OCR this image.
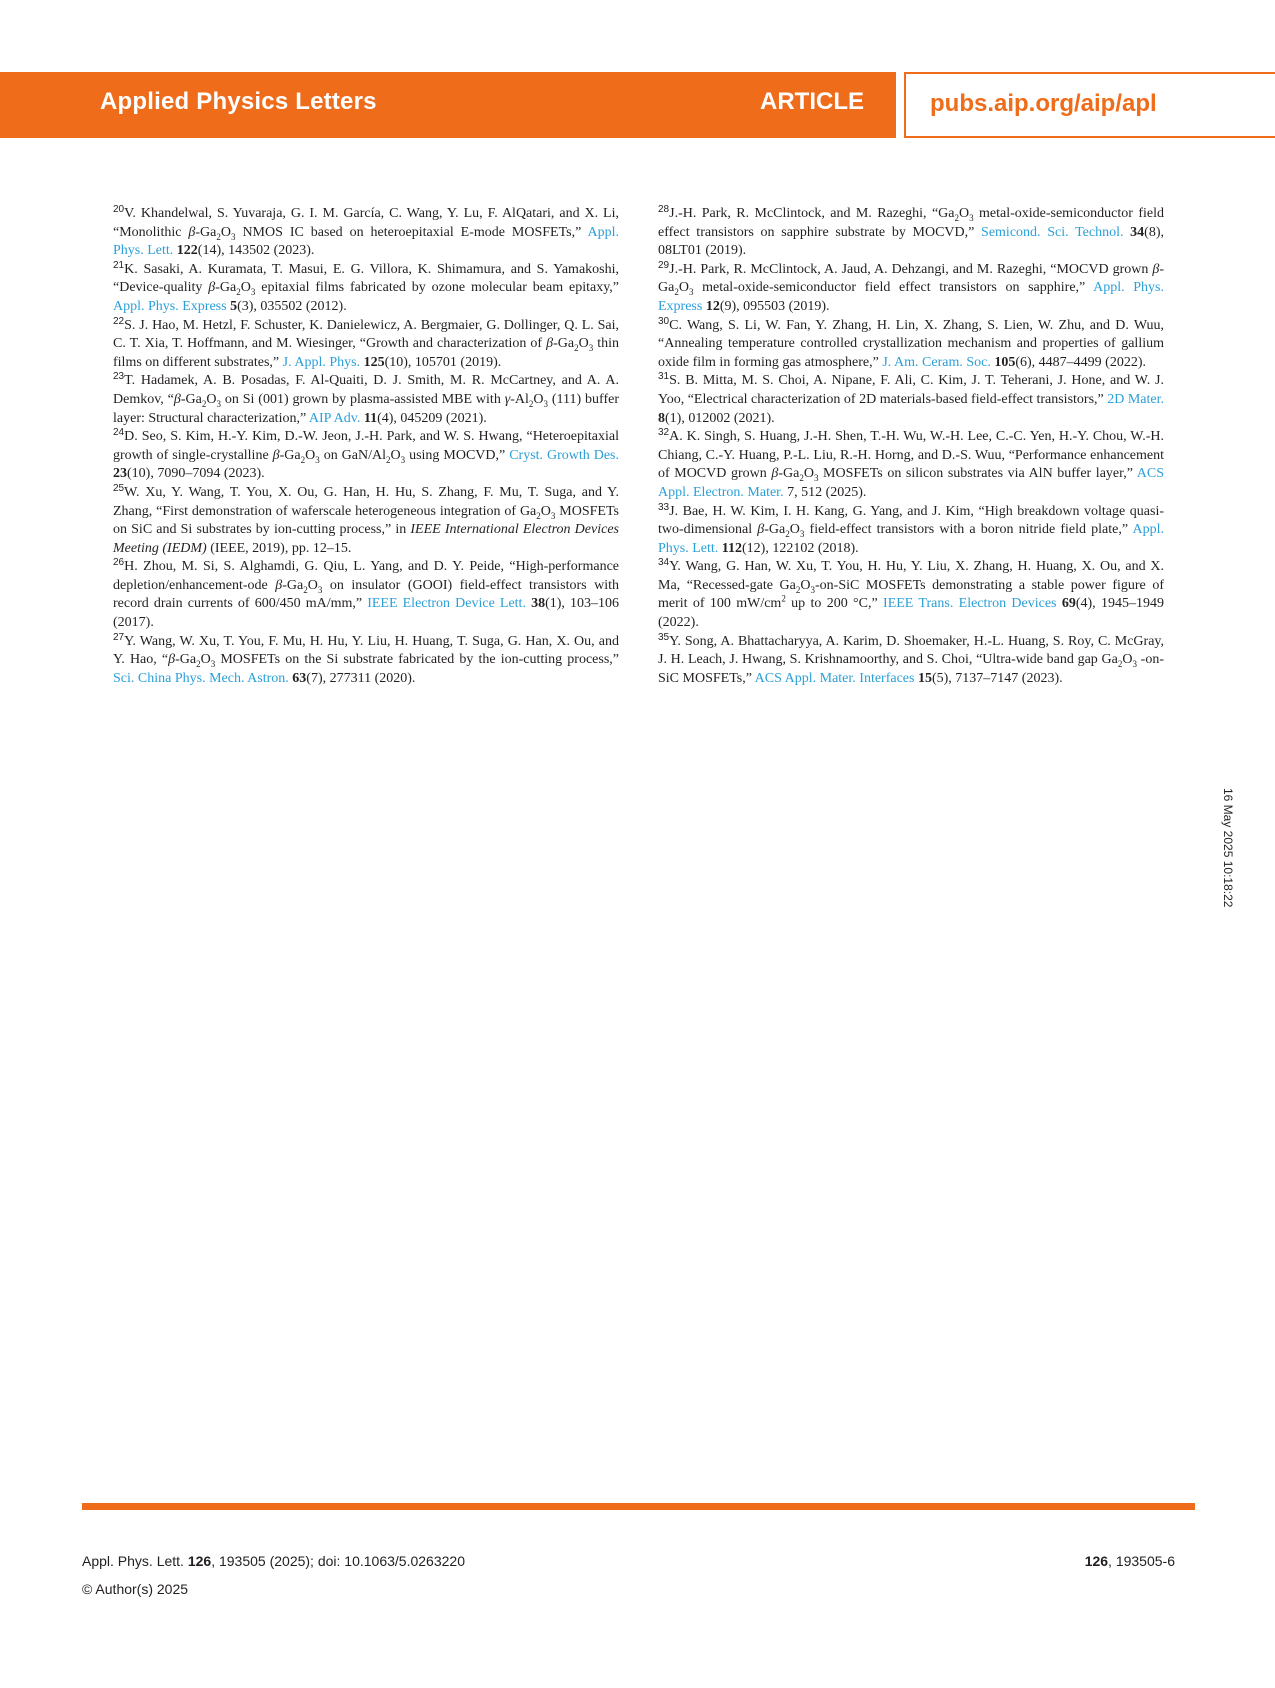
Applied Physics Letters	ARTICLE	pubs.aip.org/aip/apl

$^{20}$V. Khandelwal, S. Yuvaraja, G. I. M. García, C. Wang, Y. Lu, F. AlQatari, and X. Li, “Monolithic $\beta-Ga_2O_3$ NMOS IC based on heteroepitaxial E-mode MOSFETs,” Appl. Phys. Lett. 122(14), 143502 (2023).

$^{21}$K. Sasaki, A. Kuramata, T. Masui, E. G. Villora, K. Shimamura, and S. Yamakoshi, “Device-quality $\beta-Ga_2O_3$ epitaxial films fabricated by ozone molecular beam epitaxy,” Appl. Phys. Express 5(3), 035502 (2012).

$^{22}$S. J. Hao, M. Hetzl, F. Schuster, K. Danielewicz, A. Bergmaier, G. Dollinger, Q. L. Sai, C. T. Xia, T. Hoffmann, and M. Wiesinger, “Growth and characterization of $\beta-Ga_2O_3$ thin films on different substrates,” J. Appl. Phys. 125(10), 105701 (2019).

$^{23}$T. Hadamek, A. B. Posadas, F. Al-Quaiti, D. J. Smith, M. R. McCartney, and A. A. Demkov, “$\beta-Ga_2O_3$ on Si (001) grown by plasma-assisted MBE with $\gamma-Al_2O_3$ (111) buffer layer: Structural characterization,” AIP Adv. 11(4), 045209 (2021).

$^{24}$D. Seo, S. Kim, H.-Y. Kim, D.-W. Jeon, J.-H. Park, and W. S. Hwang, “Heteroepitaxial growth of single-crystalline $\beta-Ga_2O_3$ on GaN/$Al_2O_3$ using MOCVD,” Cryst. Growth Des. 23(10), 7090–7094 (2023).

$^{25}$W. Xu, Y. Wang, T. You, X. Ou, G. Han, H. Hu, S. Zhang, F. Mu, T. Suga, and Y. Zhang, “First demonstration of waferscale heterogeneous integration of $Ga_2O_3$ MOSFETs on SiC and Si substrates by ion-cutting process,” in IEEE International Electron Devices Meeting (IEDM) (IEEE, 2019), pp. 12–15.

$^{26}$H. Zhou, M. Si, S. Alghamdi, G. Qiu, L. Yang, and D. Y. Peide, “High-performance depletion/enhancement-ode $\beta-Ga_2O_3$ on insulator (GOOI) field-effect transistors with record drain currents of 600/450 mA/mm,” IEEE Electron Device Lett. 38(1), 103–106 (2017).

$^{27}$Y. Wang, W. Xu, T. You, F. Mu, H. Hu, Y. Liu, H. Huang, T. Suga, G. Han, X. Ou, and Y. Hao, “$\beta-Ga_2O_3$ MOSFETs on the Si substrate fabricated by the ion-cutting process,” Sci. China Phys. Mech. Astron. 63(7), 277311 (2020).

$^{28}$J.-H. Park, R. McClintock, and M. Razeghi, “$Ga_2O_3$ metal-oxide-semiconductor field effect transistors on sapphire substrate by MOCVD,” Semicond. Sci. Technol. 34(8), 08LT01 (2019).

$^{29}$J.-H. Park, R. McClintock, A. Jaud, A. Dehzangi, and M. Razeghi, “MOCVD grown $\beta-Ga_2O_3$ metal-oxide-semiconductor field effect transistors on sapphire,” Appl. Phys. Express 12(9), 095503 (2019).

$^{30}$C. Wang, S. Li, W. Fan, Y. Zhang, H. Lin, X. Zhang, S. Lien, W. Zhu, and D. Wuu, “Annealing temperature controlled crystallization mechanism and properties of gallium oxide film in forming gas atmosphere,” J. Am. Ceram. Soc. 105(6), 4487–4499 (2022).

$^{31}$S. B. Mitta, M. S. Choi, A. Nipane, F. Ali, C. Kim, J. T. Teherani, J. Hone, and W. J. Yoo, “Electrical characterization of 2D materials-based field-effect transistors,” 2D Mater. 8(1), 012002 (2021).

$^{32}$A. K. Singh, S. Huang, J.-H. Shen, T.-H. Wu, W.-H. Lee, C.-C. Yen, H.-Y. Chou, W.-H. Chiang, C.-Y. Huang, P.-L. Liu, R.-H. Horng, and D.-S. Wuu, “Performance enhancement of MOCVD grown $\beta-Ga_2O_3$ MOSFETs on silicon substrates via AlN buffer layer,” ACS Appl. Electron. Mater. 7, 512 (2025).

$^{33}$J. Bae, H. W. Kim, I. H. Kang, G. Yang, and J. Kim, “High breakdown voltage quasi-two-dimensional $\beta-Ga_2O_3$ field-effect transistors with a boron nitride field plate,” Appl. Phys. Lett. 112(12), 122102 (2018).

$^{34}$Y. Wang, G. Han, W. Xu, T. You, H. Hu, Y. Liu, X. Zhang, H. Huang, X. Ou, and X. Ma, “Recessed-gate $Ga_2O_3-on$-SiC MOSFETs demonstrating a stable power figure of merit of 100 $mW/cm^2$ up to 200 °C,” IEEE Trans. Electron Devices 69(4), 1945–1949 (2022).

$^{35}$Y. Song, A. Bhattacharyya, A. Karim, D. Shoemaker, H.-L. Huang, S. Roy, C. McGray, J. H. Leach, J. Hwang, S. Krishnamoorthy, and S. Choi, “Ultra-wide band gap $Ga_2O_3$ -on-SiC MOSFETs,” ACS Appl. Mater. Interfaces 15(5), 7137–7147 (2023).

16 May 2025 10:18:22
Appl. Phys. Lett. 126, 193505 (2025); doi: 10.1063/5.0263220
© Author(s) 2025
126, 193505-6
